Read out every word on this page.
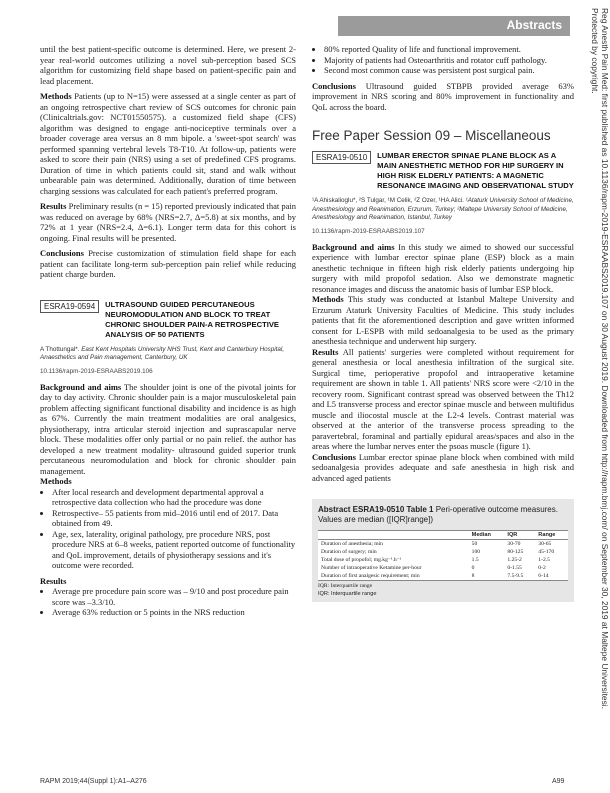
Abstracts	Reg Anesth Pain Med: first published as 10.1136/rapm-2019-ESRAABS2019.107 on 30 August 2019. Downloaded from http://rapm.bmj.com/ on September 30, 2019 at Maltepe Universitesi.
Protected by copyright.

until the best patient-specific outcome is determined. Here, we present 2-year real-world outcomes utilizing a novel sub-perception based SCS algorithm for customizing field shape based on patient-specific pain and lead placement.

Methods Patients (up to N=15) were assessed at a single center as part of an ongoing retrospective chart review of SCS outcomes for chronic pain (Clinicaltrials.gov: NCT01550575). a customized field shape (CFS) algorithm was designed to engage anti-nociceptive terminals over a broader coverage area versus an 8 mm bipole. a 'sweet-spot search' was performed spanning vertebral levels T8-T10. At follow-up, patients were asked to score their pain (NRS) using a set of predefined CFS programs. Duration of time in which patients could sit, stand and walk without unbearable pain was determined. Additionally, duration of time between charging sessions was calculated for each patient's preferred program.

Results Preliminary results (n = 15) reported previously indicated that pain was reduced on average by 68% (NRS=2.7, Δ=5.8) at six months, and by 72% at 1 year (NRS=2.4, Δ=6.1). Longer term data for this cohort is ongoing. Final results will be presented.

Conclusions Precise customization of stimulation field shape for each patient can facilitate long-term sub-perception pain relief while reducing patient charge burden.

ESRA19-0594	ULTRASOUND GUIDED PERCUTANEOUS NEUROMODULATION AND BLOCK TO TREAT CHRONIC SHOULDER PAIN-A RETROSPECTIVE ANALYSIS OF 50 PATIENTS
A Thottungal*. East Kent Hospitals University NHS Trust, Kent and Canterbury Hospital, Anaesthetics and Pain management, Canterbury, UK
10.1136/rapm-2019-ESRAABS2019.106

Background and aims The shoulder joint is one of the pivotal joints for day to day activity. Chronic shoulder pain is a major musculoskeletal pain problem affecting significant functional disability and incidence is as high as 67%. Currently the main treatment modalities are oral analgesics, physiotherapy, intra articular steroid injection and suprascapular nerve block. These modalities offer only partial or no pain relief. the author has developed a new treatment modality- ultrasound guided superior trunk percutaneous neuromodulation and block for chronic shoulder pain management.

Methods

• After local research and development departmental approval a retrospective data collection who had the procedure was done
• Retrospective– 55 patients from mid–2016 until end of 2017. Data obtained from 49.
• Age, sex, laterality, original pathology, pre procedure NRS, post procedure NRS at 6–8 weeks, patient reported outcome of functionality and QoL improvement, details of physiotherapy sessions and it's outcome were recorded.

Results

• Average pre procedure pain score was – 9/10 and post procedure pain score was –3.3/10.
• Average 63% reduction or 5 points in the NRS reduction
• 80% reported Quality of life and functional improvement.
• Majority of patients had Osteoarthritis and rotator cuff pathology.
• Second most common cause was persistent post surgical pain.

Conclusions Ultrasound guided STBPB provided average 63% improvement in NRS scoring and 80% improvement in functionality and QoL across the board.

Free Paper Session 09 – Miscellaneous
ESRA19-0510	LUMBAR ERECTOR SPINAE PLANE BLOCK AS A MAIN ANESTHETIC METHOD FOR HIP SURGERY IN HIGH RISK ELDERLY PATIENTS: A MAGNETIC RESONANCE IMAGING AND OBSERVATIONAL STUDY
¹A Ahiskalioglu*, ²S Tulgar, ¹M Celik, ²Z Ozer, ¹HA Alici. ¹Ataturk University School of Medicine, Anesthesiology and Reanimation, Erzurum, Turkey; ²Maltepe University School of Medicine, Anesthesiology and Reanimation, Istanbul, Turkey
10.1136/rapm-2019-ESRAABS2019.107

Background and aims In this study we aimed to showed our successful experience with lumbar erector spinae plane (ESP) block as a main anesthetic technique in fifteen high risk elderly patients undergoing hip surgery with mild propofol sedation. Also we demonstrate magnetic resonance images and discuss the anatomic basis of lumbar ESP block.

Methods This study was conducted at Istanbul Maltepe University and Erzurum Ataturk University Faculties of Medicine. This study includes patients that fit the aforementioned description and gave written informed consent for L-ESPB with mild sedoanalgesia to be used as the primary anesthesia technique and underwent hip surgery.

Results All patients' surgeries were completed without requirement for general anesthesia or local anesthesia infiltration of the surgical site. Surgical time, perioperative propofol and intraoperative ketamine requirement are shown in table 1. All patients' NRS score were <2/10 in the recovery room. Significant contrast spread was observed between the Th12 and L5 transverse process and erector spinae muscle and between multifidus muscle and iliocostal muscle at the L2-4 levels. Contrast material was observed at the anterior of the transverse process spreading to the paravertebral, foraminal and partially epidural areas/spaces and also in the areas where the lumbar nerves enter the psoas muscle (figure 1).

Conclusions Lumbar erector spinae plane block when combined with mild sedoanalgesia provides adequate and safe anesthesia in high risk and advanced aged patients

Abstract ESRA19-0510 Table 1 Peri-operative outcome measures. Values are median ([IQR]range])
	Median	IQR	Range
Duration of anesthesia; min	50	30-70	30-65
Duration of surgery; min	100	80-125	45-170
Total dose of propofol; mg.kg⁻¹.h⁻¹	1.5	1.25-2	1-2.5
Number of intraoperative Ketamine per-hour	0	0-1.55	0-2
Duration of first analgesic requirement; min	8	7.5-9.5	6-14
IQR: Interquartile range
IQR: Interquartile range
RAPM 2019;44(Suppl 1):A1–A276	A99
